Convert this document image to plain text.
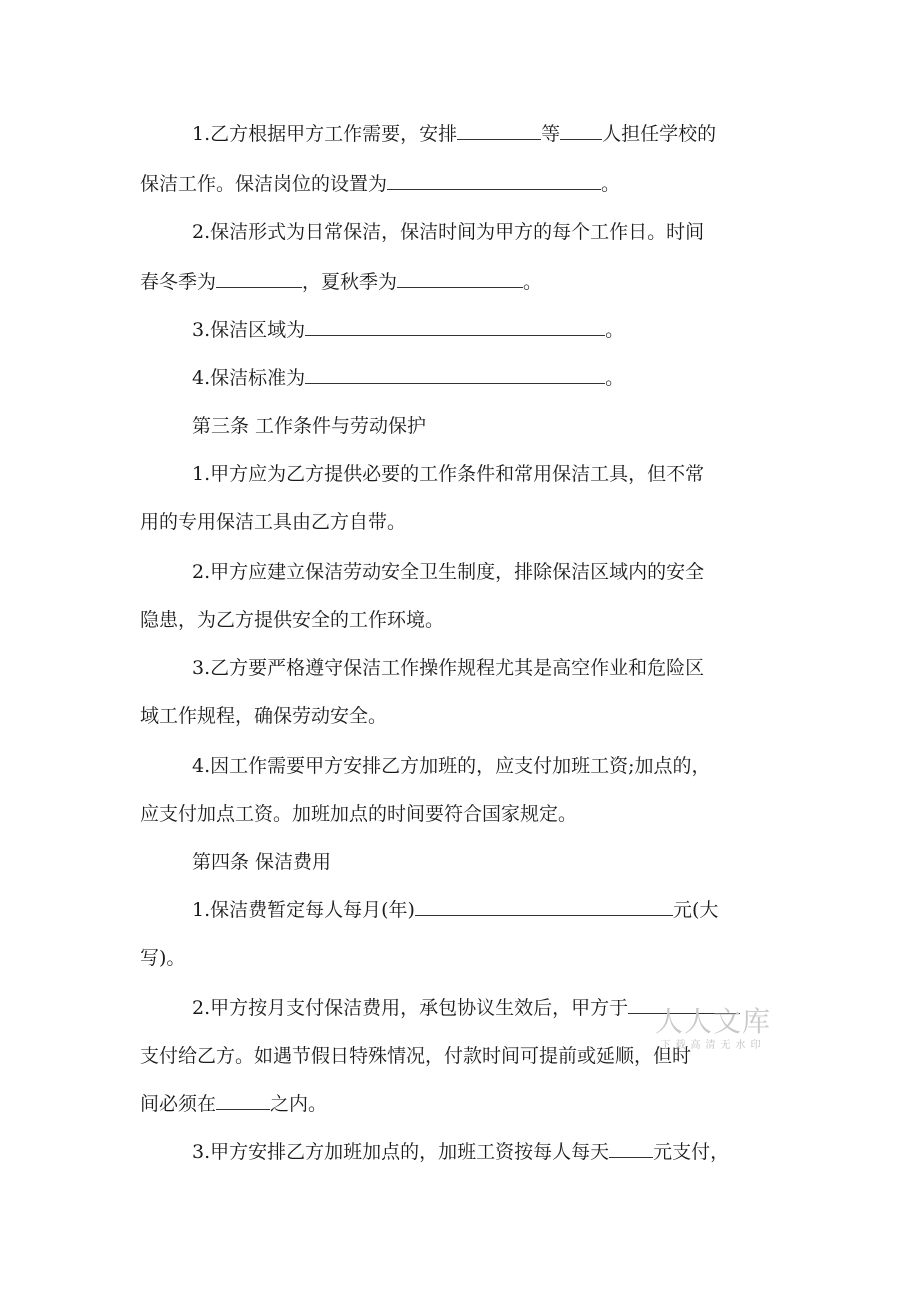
1.乙方根据甲方工作需要，安排	等 人担任学校的
保洁工作。保洁岗位的设置为	。
2.保洁形式为日常保洁，保洁时间为甲方的每个工作日。时间
春冬季为	，夏秋季为	。
3.保洁区域为	。
4.保洁标准为	。
第三条 工作条件与劳动保护
1.甲方应为乙方提供必要的工作条件和常用保洁工具，但不常
用的专用保洁工具由乙方自带。
2.甲方应建立保洁劳动安全卫生制度，排除保洁区域内的安全
隐患，为乙方提供安全的工作环境。
3.乙方要严格遵守保洁工作操作规程尤其是高空作业和危险区
域工作规程，确保劳动安全。
4.因工作需要甲方安排乙方加班的，应支付加班工资;加点的，
应支付加点工资。加班加点的时间要符合国家规定。
第四条 保洁费用
1.保洁费暂定每人每月(年)	元(大
写)。
2.甲方按月支付保洁费用，承包协议生效后，甲方于
支付给乙方。如遇节假日特殊情况，付款时间可提前或延顺，但时
间必须在	之内。
3.甲方安排乙方加班加点的，加班工资按每人每天 元支付，
人人文库
下载高清无水印
